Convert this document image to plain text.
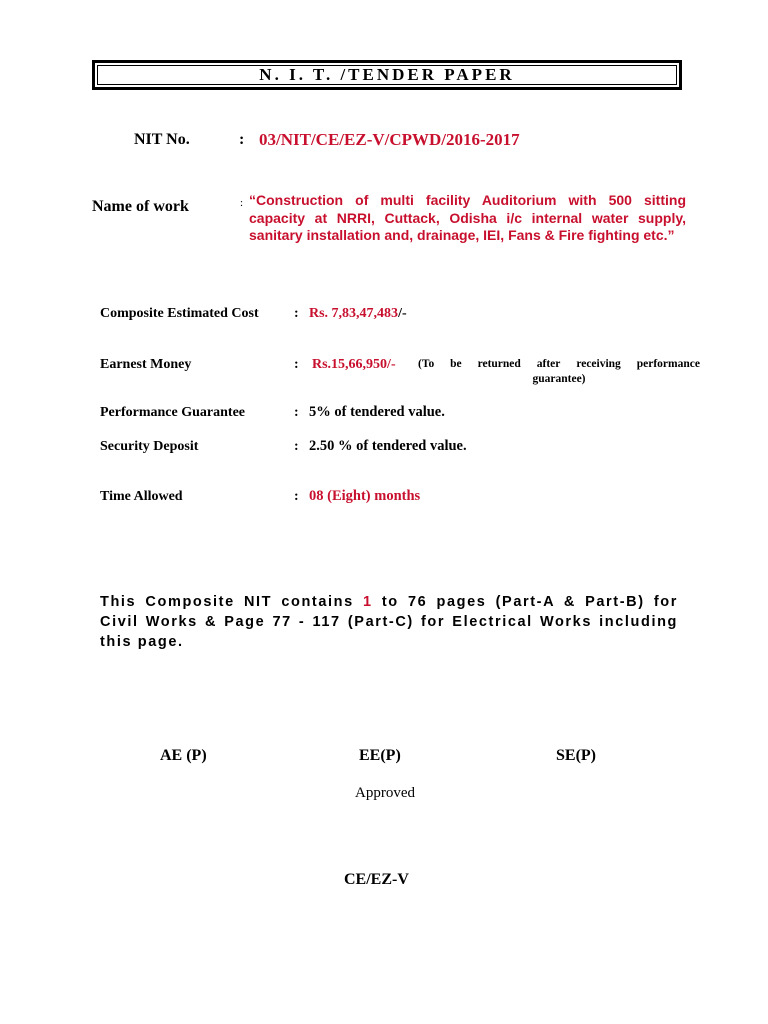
N. I. T. /TENDER PAPER
NIT No.	: 03/NIT/CE/EZ-V/CPWD/2016-2017
Name of work	: “Construction of multi facility Auditorium with 500 sitting capacity at NRRI, Cuttack, Odisha i/c internal water supply, sanitary installation and, drainage, IEI, Fans & Fire fighting etc.”
Composite Estimated Cost	: Rs. 7,83,47,483/-
Earnest Money	: Rs.15,66,950/- (To be returned after receiving performance
guarantee)
Performance Guarantee	: 5% of tendered value.
Security Deposit	: 2.50 % of tendered value.
Time Allowed	: 08 (Eight) months
This Composite NIT contains 1 to 76 pages (Part-A & Part-B) for Civil Works & Page 77 - 117 (Part-C) for Electrical Works including this page.
AE (P)	EE(P)	SE(P)
Approved
CE/EZ-V
